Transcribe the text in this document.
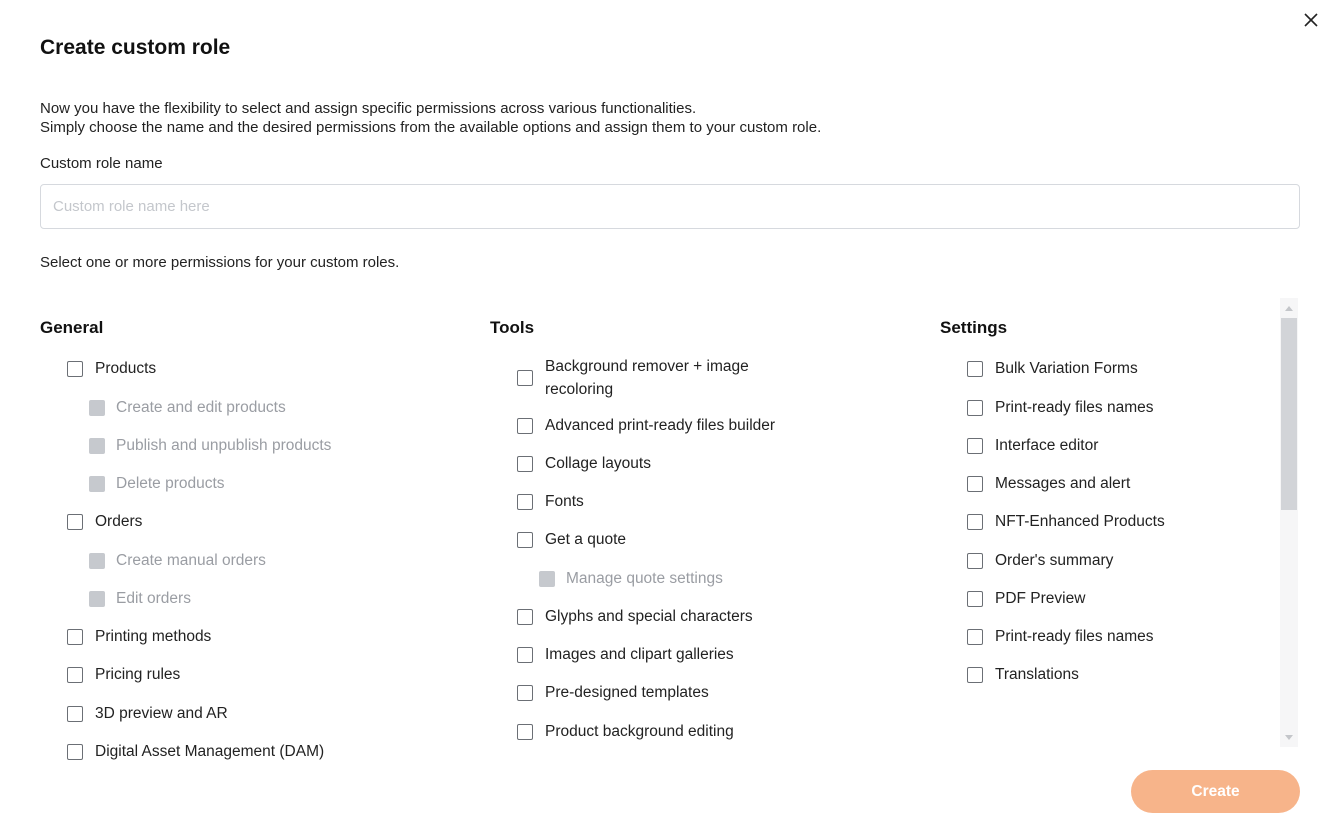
Create custom role

Now you have the flexibility to select and assign specific permissions across various functionalities.
Simply choose the name and the desired permissions from the available options and assign them to your custom role.

Custom role name
Custom role name here
Select one or more permissions for your custom roles.
General
Products
Create and edit products
Publish and unpublish products
Delete products
Orders
Create manual orders
Edit orders
Printing methods
Pricing rules
3D preview and AR
Digital Asset Management (DAM)
Tools
Background remover + image recoloring
Advanced print-ready files builder
Collage layouts
Fonts
Get a quote
Manage quote settings
Glyphs and special characters
Images and clipart galleries
Pre-designed templates
Product background editing
Settings
Bulk Variation Forms
Print-ready files names
Interface editor
Messages and alert
NFT-Enhanced Products
Order's summary
PDF Preview
Print-ready files names
Translations
Create
